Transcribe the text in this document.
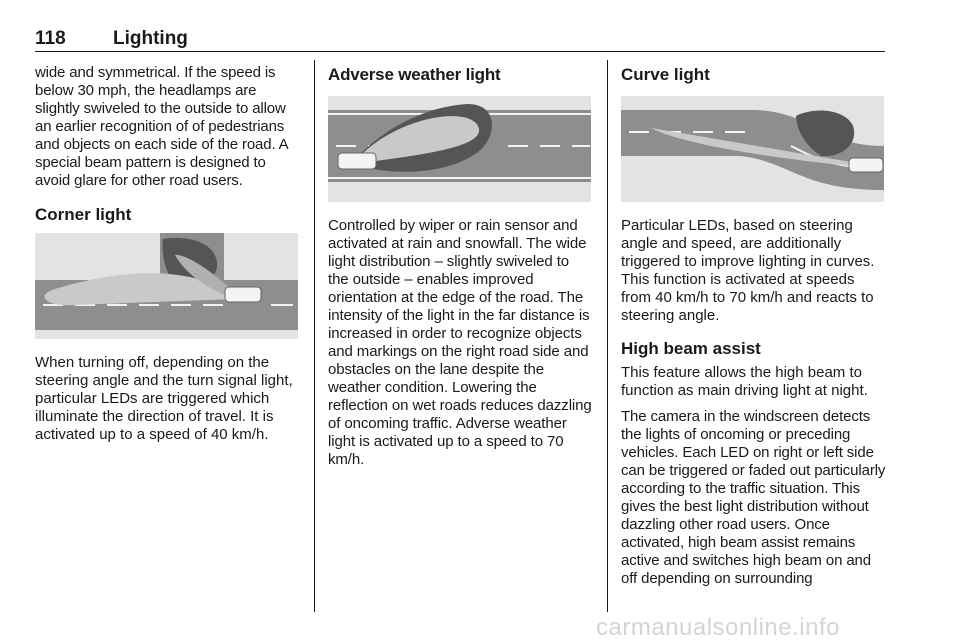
118 Lighting

wide and symmetrical. If the speed is below 30 mph, the headlamps are slightly swiveled to the outside to allow an earlier recognition of of pedestrians and objects on each side of the road. A special beam pattern is designed to avoid glare for other road users.

Corner light

When turning off, depending on the steering angle and the turn signal light, particular LEDs are triggered which illuminate the direction of travel. It is activated up to a speed of 40 km/h.

Adverse weather light

Controlled by wiper or rain sensor and activated at rain and snowfall. The wide light distribution – slightly swiveled to the outside – enables improved orientation at the edge of the road. The intensity of the light in the far distance is increased in order to recognize objects and markings on the right road side and obstacles on the lane despite the weather condition. Lowering the reflection on wet roads reduces dazzling of oncoming traffic. Adverse weather light is activated up to a speed to 70 km/h.

Curve light

Particular LEDs, based on steering angle and speed, are additionally triggered to improve lighting in curves. This function is activated at speeds from 40 km/h to 70 km/h and reacts to steering angle.

High beam assist

This feature allows the high beam to function as main driving light at night.

The camera in the windscreen detects the lights of oncoming or preceding vehicles. Each LED on right or left side can be triggered or faded out particularly according to the traffic situation. This gives the best light distribution without dazzling other road users. Once activated, high beam assist remains active and switches high beam on and off depending on surrounding

carmanualsonline.info
